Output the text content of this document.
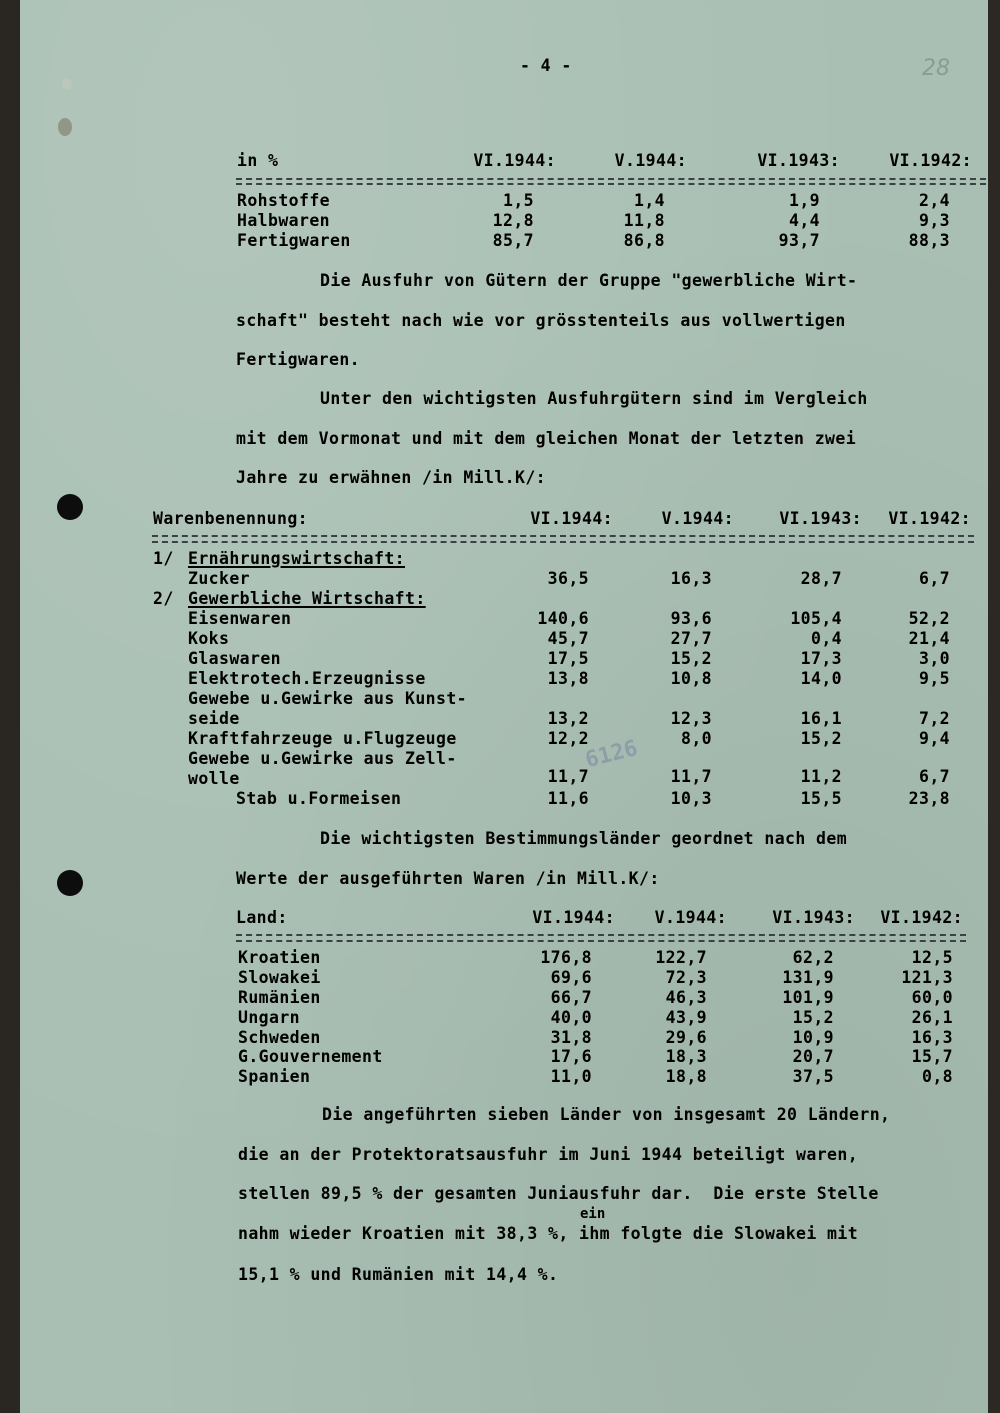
28
6126
- 4 -
in %	VI.1944:	V.1944:	VI.1943:	VI.1942:
Rohstoffe	1,5	1,4	1,9	2,4
Halbwaren	12,8	11,8	4,4	9,3
Fertigwaren	85,7	86,8	93,7	88,3
Die Ausfuhr von Gütern der Gruppe "gewerbliche Wirt-
schaft" besteht nach wie vor grösstenteils aus vollwertigen
Fertigwaren.
Unter den wichtigsten Ausfuhrgütern sind im Vergleich
mit dem Vormonat und mit dem gleichen Monat der letzten zwei
Jahre zu erwähnen /in Mill.K/:
Warenbenennung:	VI.1944:	V.1944:	VI.1943: VI.1942:
1/ Ernährungswirtschaft:
Zucker	36,5	16,3	28,7	6,7
2/ Gewerbliche Wirtschaft:
Eisenwaren	140,6	93,6	105,4	52,2
Koks	45,7	27,7	0,4	21,4
Glaswaren	17,5	15,2	17,3	3,0
Elektrotech.Erzeugnisse	13,8	10,8	14,0	9,5
Gewebe u.Gewirke aus Kunst-
seide	13,2	12,3	16,1	7,2
Kraftfahrzeuge u.Flugzeuge	12,2	8,0	15,2	9,4
Gewebe u.Gewirke aus Zell-
wolle	11,7	11,7	11,2	6,7
Stab u.Formeisen	11,6	10,3	15,5	23,8
Die wichtigsten Bestimmungsländer geordnet nach dem
Werte der ausgeführten Waren /in Mill.K/:
Land:	VI.1944: V.1944:	VI.1943: VI.1942:
Kroatien	176,8	122,7	62,2	12,5
Slowakei	69,6	72,3	131,9	121,3
Rumänien	66,7	46,3	101,9	60,0
Ungarn	40,0	43,9	15,2	26,1
Schweden	31,8	29,6	10,9	16,3
G.Gouvernement	17,6	18,3	20,7	15,7
Spanien	11,0	18,8	37,5	0,8
Die angeführten sieben Länder von insgesamt 20 Ländern,
die an der Protektoratsausfuhr im Juni 1944 beteiligt waren,
stellen 89,5 % der gesamten Juniausfuhr dar.  Die erste Stelle
ein
nahm wieder Kroatien mit 38,3 %, ihm folgte die Slowakei mit
15,1 % und Rumänien mit 14,4 %.
